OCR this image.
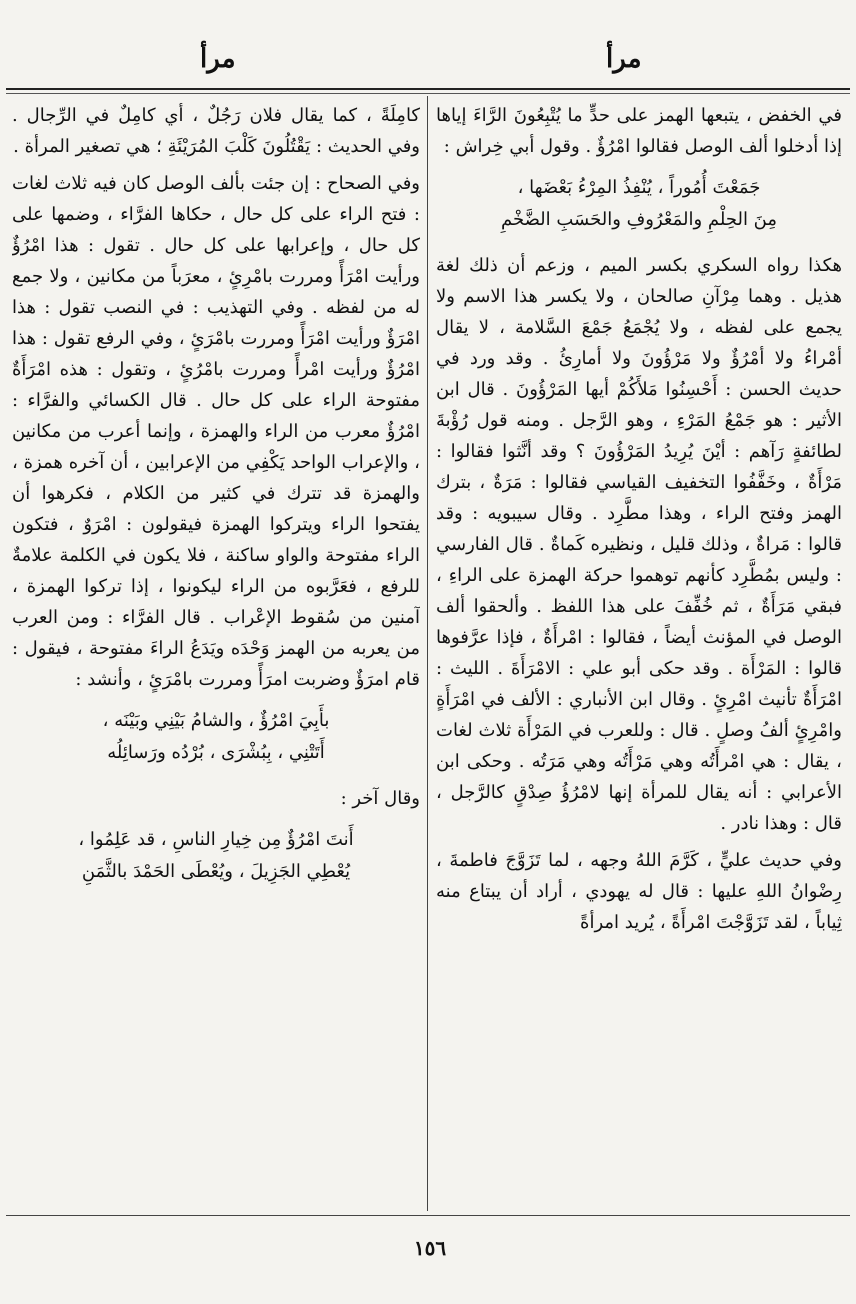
مرأ
مرأ

في الخفض ، يتبعها الهمز على حدٍّ ما يُتْبِعُونَ الرَّاءَ إياها إذا أدخلوا ألف الوصل فقالوا امْرُؤٌ . وقول أبي خِراش :

جَمَعْتَ أُمُوراً ، يُنْفِذُ المِرْءُ بَعْضَها ،
مِنَ الحِلْمِ والمَعْرُوفِ والحَسَبِ الضَّخْمِ

هكذا رواه السكري بكسر الميم ، وزعم أن ذلك لغة هذيل . وهما مِرْآنِ صالحان ، ولا يكسر هذا الاسم ولا يجمع على لفظه ، ولا يُجْمَعُ جَمْعَ السَّلامة ، لا يقال أمْراءُ ولا أمْرُؤٌ ولا مَرْؤُونَ ولا أمارِئُ . وقد ورد في حديث الحسن : أَحْسِنُوا مَلأَكُمْ أيها المَرْؤُونَ . قال ابن الأثير : هو جَمْعُ المَرْءِ ، وهو الرَّجل . ومنه قول رُؤْبةَ لطائفةٍ رَآهم : أيْنَ يُرِيدُ المَرْؤُونَ ؟ وقد أنَّثوا فقالوا : مَرْأَةٌ ، وخَفَّفُوا التخفيف القياسي فقالوا : مَرَةٌ ، بترك الهمز وفتح الراء ، وهذا مطَّرِد . وقال سيبويه : وقد قالوا : مَراةٌ ، وذلك قليل ، ونظيره كَماةٌ . قال الفارسي : وليس بمُطَّرِد كأنهم توهموا حركة الهمزة على الراءِ ، فبقي مَرَأَةٌ ، ثم خُفِّفَ على هذا اللفظ . وألحقوا ألف الوصل في المؤنث أيضاً ، فقالوا : امْرأَةٌ ، فإذا عرَّفوها قالوا : المَرْأَة . وقد حكى أبو علي : الامْرَأَةَ . الليث : امْرَأَةٌ تأنيث امْرِئٍ . وقال ابن الأنباري : الألف في امْرَأَةٍ وامْرِئٍ ألفُ وصلٍ . قال : وللعرب في المَرْأَة ثلاث لغات ، يقال : هي امْرأَتُه وهي مَرْأَتُه وهي مَرَتُه . وحكى ابن الأعرابي : أنه يقال للمرأة إنها لامْرُؤُ صِدْقٍ كالرَّجل ، قال : وهذا نادر .

وفي حديث عليٍّ ، كَرَّمَ اللهُ وجهه ، لما تَزَوَّجَ فاطمةَ ، رِضْوانُ اللهِ عليها : قال له يهودي ، أراد أن يبتاع منه ثِياباً ، لقد تَزَوَّجْتَ امْرأَةً ، يُريد امرأةً

كامِلَةً ، كما يقال فلان رَجُلٌ ، أي كامِلٌ في الرِّجال . وفي الحديث : يَقْتُلُونَ كَلْبَ المُرَيْئَةِ ؛ هي تصغير المرأة .

وفي الصحاح : إن جئت بألف الوصل كان فيه ثلاث لغات : فتح الراء على كل حال ، حكاها الفرَّاء ، وضمها على كل حال ، وإعرابها على كل حال . تقول : هذا امْرُؤٌ ورأيت امْرَأً ومررت بامْرِئٍ ، معرَباً من مكانين ، ولا جمع له من لفظه . وفي التهذيب : في النصب تقول : هذا امْرَؤٌ ورأيت امْرَأً ومررت بامْرَئٍ ، وفي الرفع تقول : هذا امْرُؤٌ ورأيت امْرأً ومررت بامْرُئٍ ، وتقول : هذه امْرَأَةٌ مفتوحة الراء على كل حال . قال الكسائي والفرَّاء : امْرُؤٌ معرب من الراء والهمزة ، وإنما أعرب من مكانين ، والإعراب الواحد يَكْفِي من الإعرابين ، أن آخره همزة ، والهمزة قد تترك في كثير من الكلام ، فكرهوا أن يفتحوا الراء ويتركوا الهمزة فيقولون : امْرَوٌ ، فتكون الراء مفتوحة والواو ساكنة ، فلا يكون في الكلمة علامةٌ للرفع ، فعَرَّبوه من الراء ليكونوا ، إذا تركوا الهمزة ، آمنين من سُقوط الإعْراب . قال الفرَّاء : ومن العرب من يعربه من الهمز وَحْدَه ويَدَعُ الراءَ مفتوحة ، فيقول : قام امرَؤٌ وضربت امرَأً ومررت بامْرَئٍ ، وأنشد :

بأَبِيَ امْرُؤٌ ، والشامُ بَيْنِي وبَيْنَه ،
أَتَتْنِي ، بِبُشْرَى ، بُرْدُه ورَسائِلُه

وقال آخر :

أَنتَ امْرُؤٌ مِن خِيارِ الناسِ ، قد عَلِمُوا ،
يُعْطِي الجَزِيلَ ، ويُعْطَى الحَمْدَ بالثَّمَنِ
١٥٦
